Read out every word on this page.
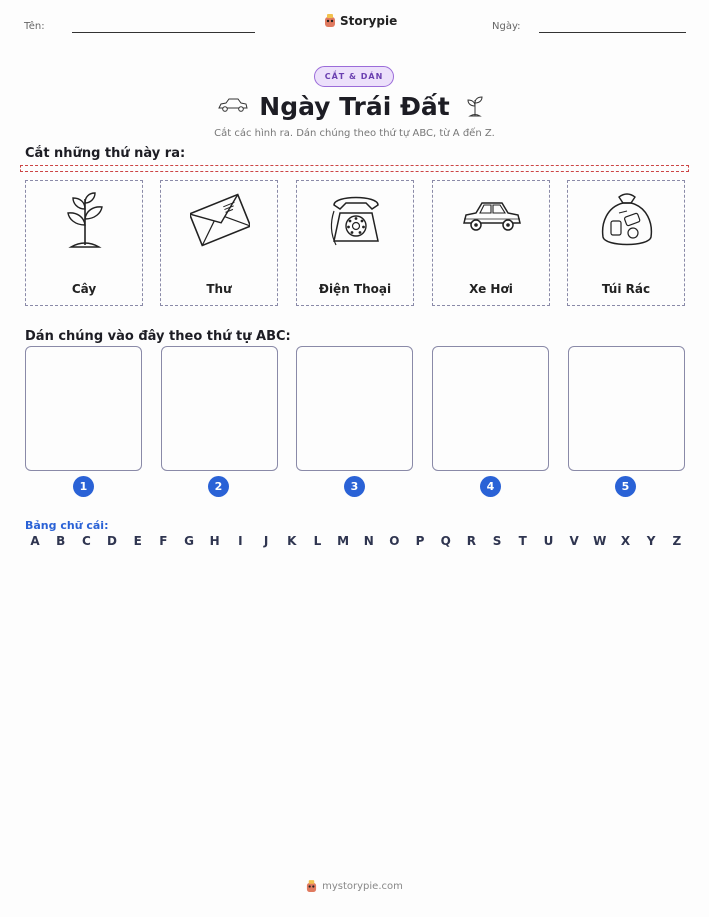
Tên:	Storypie	Ngày:
CẮT & DÁN
Ngày Trái Đất
Cắt các hình ra. Dán chúng theo thứ tự ABC, từ A đến Z.
Cắt những thứ này ra:
Cây	Thư	Điện Thoại	Xe Hơi	Túi Rác
Dán chúng vào đây theo thứ tự ABC:
1	2	3	4	5
Bảng chữ cái:
A	B	C	D	E	F	G	H	I	J	K	L	M	N	O	P	Q	R	S	T	U	V	W	X	Y	Z
mystorypie.com
